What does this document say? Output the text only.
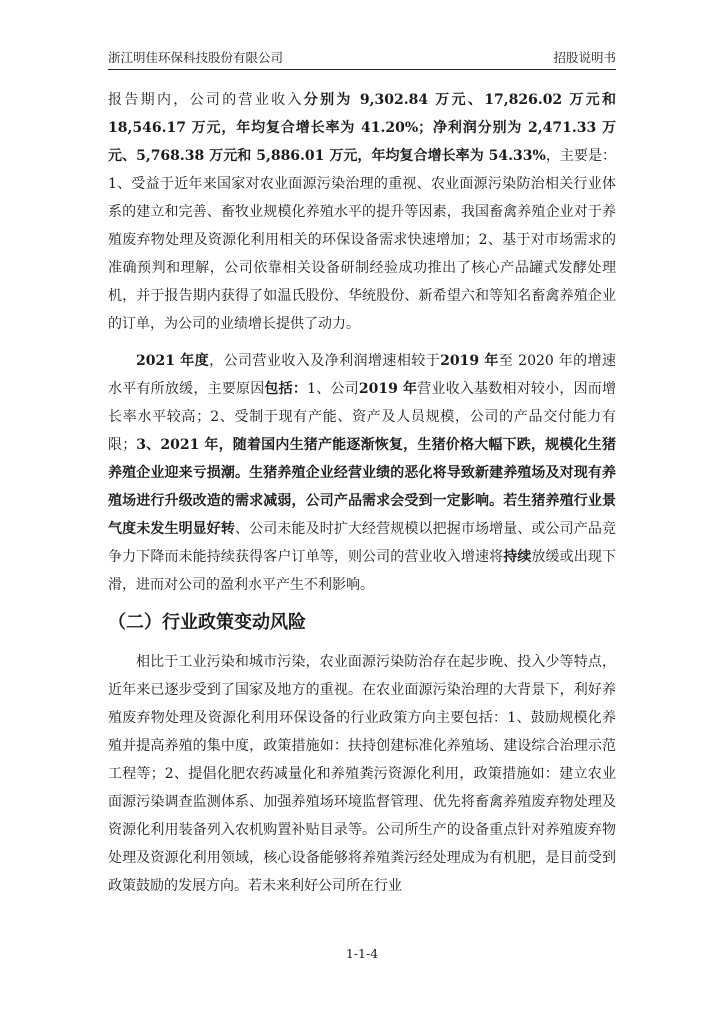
浙江明佳环保科技股份有限公司	招股说明书

报告期内，公司的营业收入分别为 9,302.84 万元、17,826.02 万元和 18,546.17 万元，年均复合增长率为 41.20%；净利润分别为 2,471.33 万元、5,768.38 万元和 5,886.01 万元，年均复合增长率为 54.33%，主要是：1、受益于近年来国家对农业面源污染治理的重视、农业面源污染防治相关行业体系的建立和完善、畜牧业规模化养殖水平的提升等因素，我国畜禽养殖企业对于养殖废弃物处理及资源化利用相关的环保设备需求快速增加；2、基于对市场需求的准确预判和理解，公司依靠相关设备研制经验成功推出了核心产品罐式发酵处理机，并于报告期内获得了如温氏股份、华统股份、新希望六和等知名畜禽养殖企业的订单，为公司的业绩增长提供了动力。

2021 年度，公司营业收入及净利润增速相较于2019 年至 2020 年的增速水平有所放缓，主要原因包括：1、公司2019 年营业收入基数相对较小，因而增长率水平较高；2、受制于现有产能、资产及人员规模，公司的产品交付能力有限；3、2021 年，随着国内生猪产能逐渐恢复，生猪价格大幅下跌，规模化生猪养殖企业迎来亏损潮。生猪养殖企业经营业绩的恶化将导致新建养殖场及对现有养殖场进行升级改造的需求减弱，公司产品需求会受到一定影响。若生猪养殖行业景气度未发生明显好转、公司未能及时扩大经营规模以把握市场增量、或公司产品竞争力下降而未能持续获得客户订单等，则公司的营业收入增速将持续放缓或出现下滑，进而对公司的盈利水平产生不利影响。

（二）行业政策变动风险

相比于工业污染和城市污染，农业面源污染防治存在起步晚、投入少等特点，近年来已逐步受到了国家及地方的重视。在农业面源污染治理的大背景下，利好养殖废弃物处理及资源化利用环保设备的行业政策方向主要包括：1、鼓励规模化养殖并提高养殖的集中度，政策措施如：扶持创建标准化养殖场、建设综合治理示范工程等；2、提倡化肥农药减量化和养殖粪污资源化利用，政策措施如：建立农业面源污染调查监测体系、加强养殖场环境监督管理、优先将畜禽养殖废弃物处理及资源化利用装备列入农机购置补贴目录等。公司所生产的设备重点针对养殖废弃物处理及资源化利用领域，核心设备能够将养殖粪污经处理成为有机肥，是目前受到政策鼓励的发展方向。若未来利好公司所在行业

1-1-4
